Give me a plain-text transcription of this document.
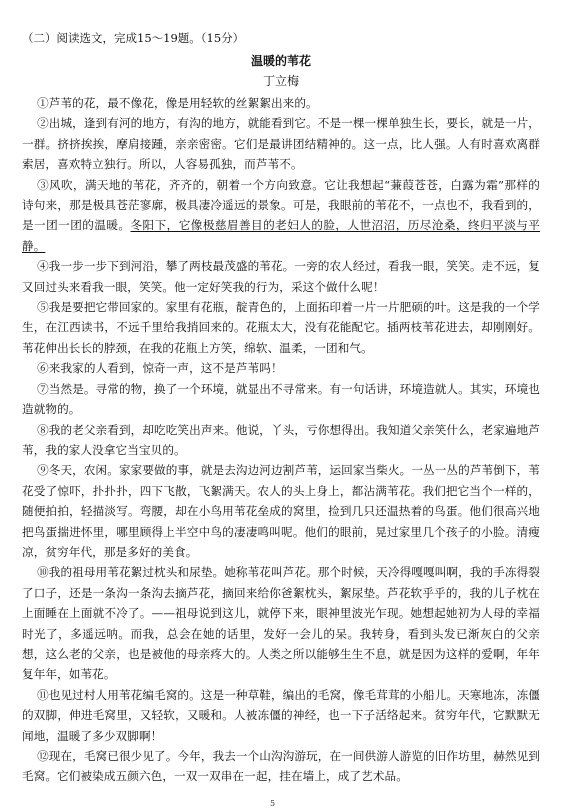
（二）阅读选文，完成15～19题。（15分）
温暖的苇花
丁立梅

①芦苇的花，最不像花，像是用轻软的丝絮絮出来的。

②出城，逢到有河的地方，有沟的地方，就能看到它。不是一棵一棵单独生长，要长，就是一片，一群。挤挤挨挨，摩肩接踵，亲亲密密。它们是最讲团结精神的。这一点，比人强。人有时喜欢离群索居，喜欢特立独行。所以，人容易孤独，而芦苇不。

③风吹，满天地的苇花，齐齐的，朝着一个方向致意。它让我想起“蒹葭苍苍，白露为霜”那样的诗句来，那是极具苍茫寥廓，极具凄冷遥远的景象。可是，我眼前的苇花不，一点也不，我看到的，是一团一团的温暖。冬阳下，它像极慈眉善目的老妇人的脸，人世沼沼，历尽沧桑，终归平淡与平静。

④我一步一步下到河沿，攀了两枝最茂盛的苇花。一旁的农人经过，看我一眼，笑笑。走不远，复又回过头来看我一眼，笑笑。他一定好笑我的行为，采这个做什么呢！

⑤我是要把它带回家的。家里有花瓶，靛青色的，上面拓印着一片一片肥硕的叶。这是我的一个学生，在江西读书，不远千里给我捎回来的。花瓶太大，没有花能配它。插两枝苇花进去，却刚刚好。苇花伸出长长的脖颈，在我的花瓶上方笑，绵软、温柔，一团和气。

⑥来我家的人看到，惊奇一声，这不是芦苇吗！

⑦当然是。寻常的物，换了一个环境，就显出不寻常来。有一句话讲，环境造就人。其实，环境也造就物的。

⑧我的老父亲看到，却吃吃笑出声来。他说，丫头，亏你想得出。我知道父亲笑什么，老家遍地芦苇，我的家人没拿它当宝贝的。

⑨冬天，农闲。家家要做的事，就是去沟边河边割芦苇，运回家当柴火。一丛一丛的芦苇倒下，苇花受了惊吓，扑扑扑，四下飞散，飞絮满天。农人的头上身上，都沾满苇花。我们把它当个一样的，随便拍拍，轻描淡写。弯腰，却在小鸟用苇花垒成的窝里，捡到几只还温热着的鸟蛋。他们很高兴地把鸟蛋揣进怀里，哪里顾得上半空中鸟的凄凄鸣叫呢。他们的眼前，晃过家里几个孩子的小脸。清瘦凉，贫穷年代，那是多好的美食。

⑩我的祖母用苇花絮过枕头和尿垫。她称苇花叫芦花。那个时候，天冷得嘎嘎叫啊，我的手冻得裂了口子，还是一条沟一条沟去摘芦花，摘回来给你爸絮枕头，絮尿垫。芦花软乎乎的，我的儿子枕在上面睡在上面就不冷了。——祖母说到这儿，就停下来，眼神里波光乍现。她想起她初为人母的幸福时光了，多遥远呐。而我，总会在她的话里，发好一会儿的呆。我转身，看到头发已渐灰白的父亲想，这么老的父亲，也是被他的母亲疼大的。人类之所以能够生生不息，就是因为这样的爱啊，年年复年年，如苇花。

⑪也见过村人用苇花编毛窝的。这是一种草鞋，编出的毛窝，像毛茸茸的小船儿。天寒地冻，冻僵的双脚，伸进毛窝里，又轻软，又暖和。人被冻僵的神经，也一下子活络起来。贫穷年代，它默默无闻地，温暖了多少双脚啊！

⑫现在，毛窝已很少见了。今年，我去一个山沟沟游玩，在一间供游人游览的旧作坊里，赫然见到毛窝。它们被染成五颜六色，一双一双串在一起，挂在墙上，成了艺术品。

5
